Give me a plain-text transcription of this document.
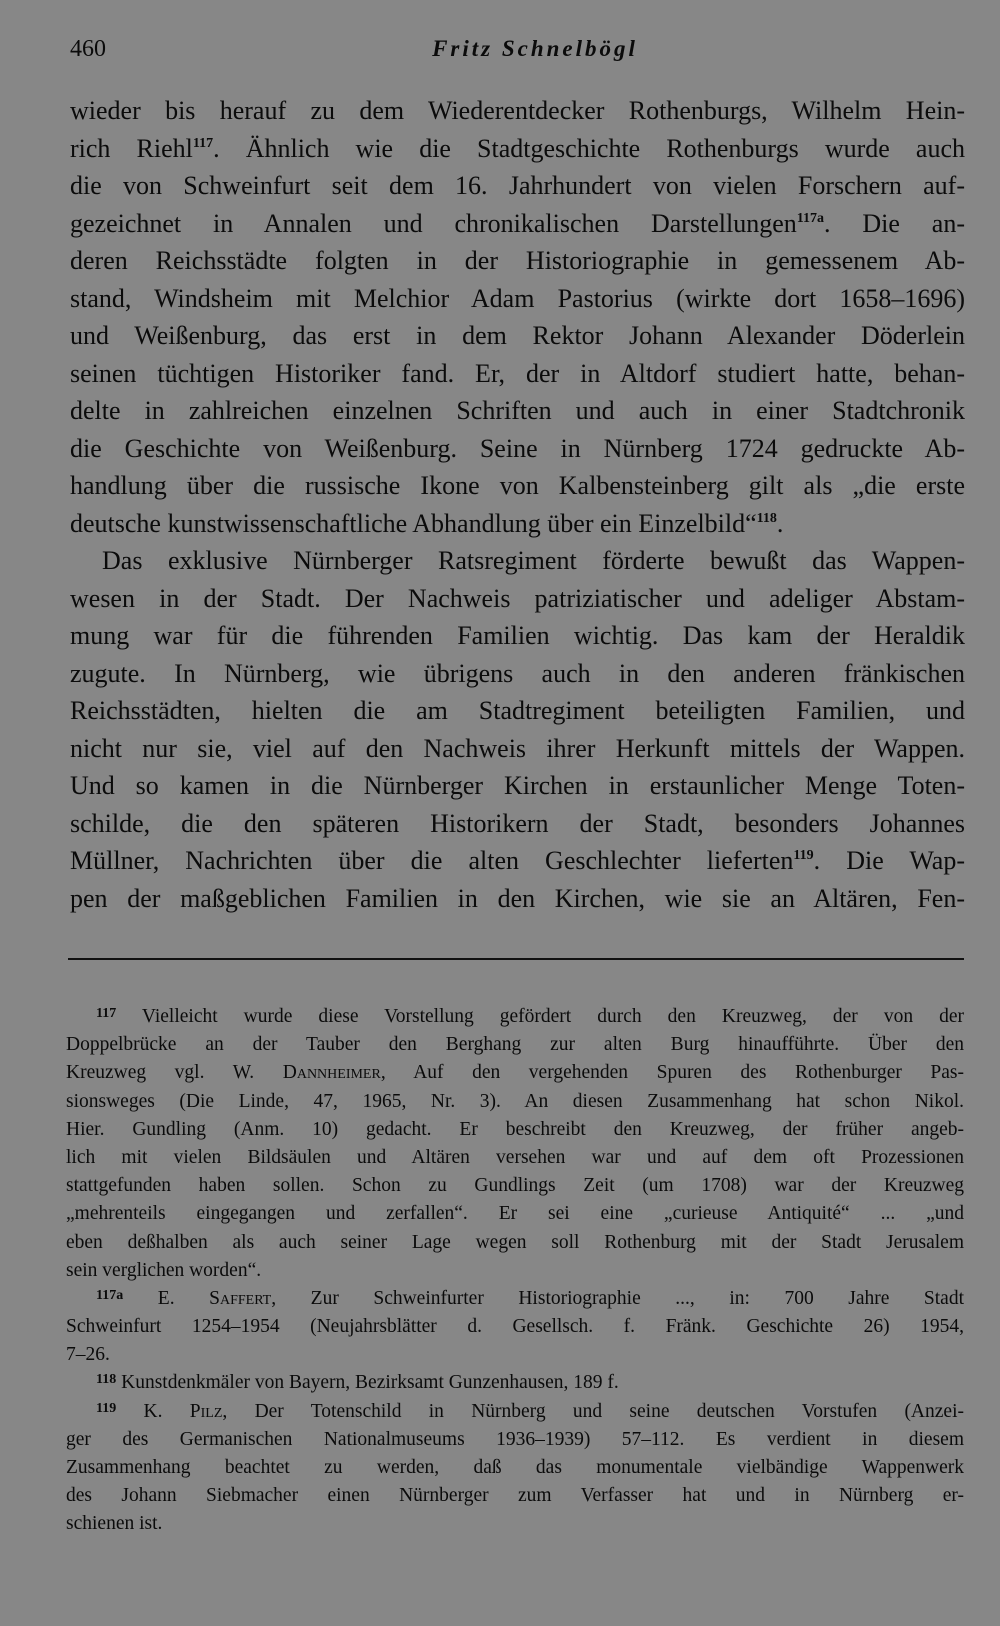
460	Fritz Schnelbögl
wieder bis herauf zu dem Wiederentdecker Rothenburgs, Wilhelm Hein-
rich Riehl$^{117}$. Ähnlich wie die Stadtgeschichte Rothenburgs wurde auch
die von Schweinfurt seit dem 16. Jahrhundert von vielen Forschern auf-
gezeichnet in Annalen und chronikalischen Darstellungen$^{117a}$. Die an-
deren Reichsstädte folgten in der Historiographie in gemessenem Ab-
stand, Windsheim mit Melchior Adam Pastorius (wirkte dort 1658–1696)
und Weißenburg, das erst in dem Rektor Johann Alexander Döderlein
seinen tüchtigen Historiker fand. Er, der in Altdorf studiert hatte, behan-
delte in zahlreichen einzelnen Schriften und auch in einer Stadtchronik
die Geschichte von Weißenburg. Seine in Nürnberg 1724 gedruckte Ab-
handlung über die russische Ikone von Kalbensteinberg gilt als „die erste
deutsche kunstwissenschaftliche Abhandlung über ein Einzelbild“$^{118}$.
Das exklusive Nürnberger Ratsregiment förderte bewußt das Wappen-
wesen in der Stadt. Der Nachweis patriziatischer und adeliger Abstam-
mung war für die führenden Familien wichtig. Das kam der Heraldik
zugute. In Nürnberg, wie übrigens auch in den anderen fränkischen
Reichsstädten, hielten die am Stadtregiment beteiligten Familien, und
nicht nur sie, viel auf den Nachweis ihrer Herkunft mittels der Wappen.
Und so kamen in die Nürnberger Kirchen in erstaunlicher Menge Toten-
schilde, die den späteren Historikern der Stadt, besonders Johannes
Müllner, Nachrichten über die alten Geschlechter lieferten$^{119}$. Die Wap-
pen der maßgeblichen Familien in den Kirchen, wie sie an Altären, Fen-
$^{117}$ Vielleicht wurde diese Vorstellung gefördert durch den Kreuzweg, der von der
Doppelbrücke an der Tauber den Berghang zur alten Burg hinaufführte. Über den
Kreuzweg vgl. W. Dannheimer, Auf den vergehenden Spuren des Rothenburger Pas-
sionsweges (Die Linde, 47, 1965, Nr. 3). An diesen Zusammenhang hat schon Nikol.
Hier. Gundling (Anm. 10) gedacht. Er beschreibt den Kreuzweg, der früher angeb-
lich mit vielen Bildsäulen und Altären versehen war und auf dem oft Prozessionen
stattgefunden haben sollen. Schon zu Gundlings Zeit (um 1708) war der Kreuzweg
„mehrenteils eingegangen und zerfallen“. Er sei eine „curieuse Antiquité“ ... „und
eben deßhalben als auch seiner Lage wegen soll Rothenburg mit der Stadt Jerusalem
sein verglichen worden“.
$^{117a}$ E. Saffert, Zur Schweinfurter Historiographie ..., in: 700 Jahre Stadt
Schweinfurt 1254–1954 (Neujahrsblätter d. Gesellsch. f. Fränk. Geschichte 26) 1954,
7–26.
$^{118}$ Kunstdenkmäler von Bayern, Bezirksamt Gunzenhausen, 189 f.
$^{119}$ K. Pilz, Der Totenschild in Nürnberg und seine deutschen Vorstufen (Anzei-
ger des Germanischen Nationalmuseums 1936–1939) 57–112. Es verdient in diesem
Zusammenhang beachtet zu werden, daß das monumentale vielbändige Wappenwerk
des Johann Siebmacher einen Nürnberger zum Verfasser hat und in Nürnberg er-
schienen ist.
